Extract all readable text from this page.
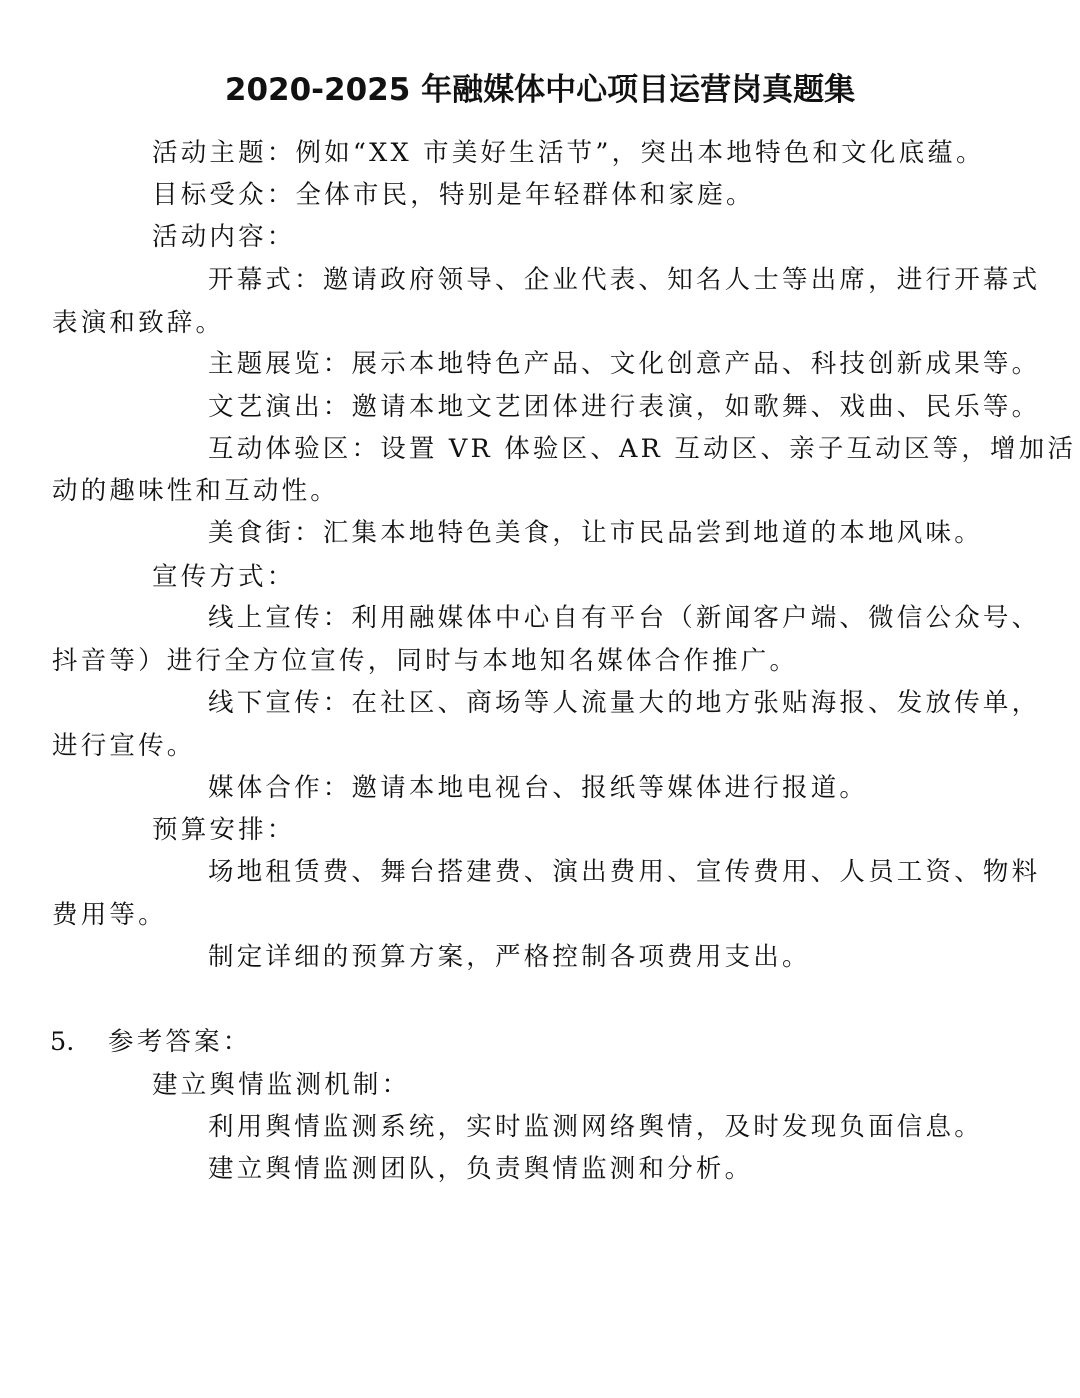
2020-2025 年融媒体中心项目运营岗真题集
活动主题：例如“XX 市美好生活节”，突出本地特色和文化底蕴。
目标受众：全体市民，特别是年轻群体和家庭。
活动内容：
开幕式：邀请政府领导、企业代表、知名人士等出席，进行开幕式
表演和致辞。
主题展览：展示本地特色产品、文化创意产品、科技创新成果等。
文艺演出：邀请本地文艺团体进行表演，如歌舞、戏曲、民乐等。
互动体验区：设置 VR 体验区、AR 互动区、亲子互动区等，增加活
动的趣味性和互动性。
美食街：汇集本地特色美食，让市民品尝到地道的本地风味。
宣传方式：
线上宣传：利用融媒体中心自有平台（新闻客户端、微信公众号、
抖音等）进行全方位宣传，同时与本地知名媒体合作推广。
线下宣传：在社区、商场等人流量大的地方张贴海报、发放传单，
进行宣传。
媒体合作：邀请本地电视台、报纸等媒体进行报道。
预算安排：
场地租赁费、舞台搭建费、演出费用、宣传费用、人员工资、物料
费用等。
制定详细的预算方案，严格控制各项费用支出。
5. 参考答案：
建立舆情监测机制：
利用舆情监测系统，实时监测网络舆情，及时发现负面信息。
建立舆情监测团队，负责舆情监测和分析。
